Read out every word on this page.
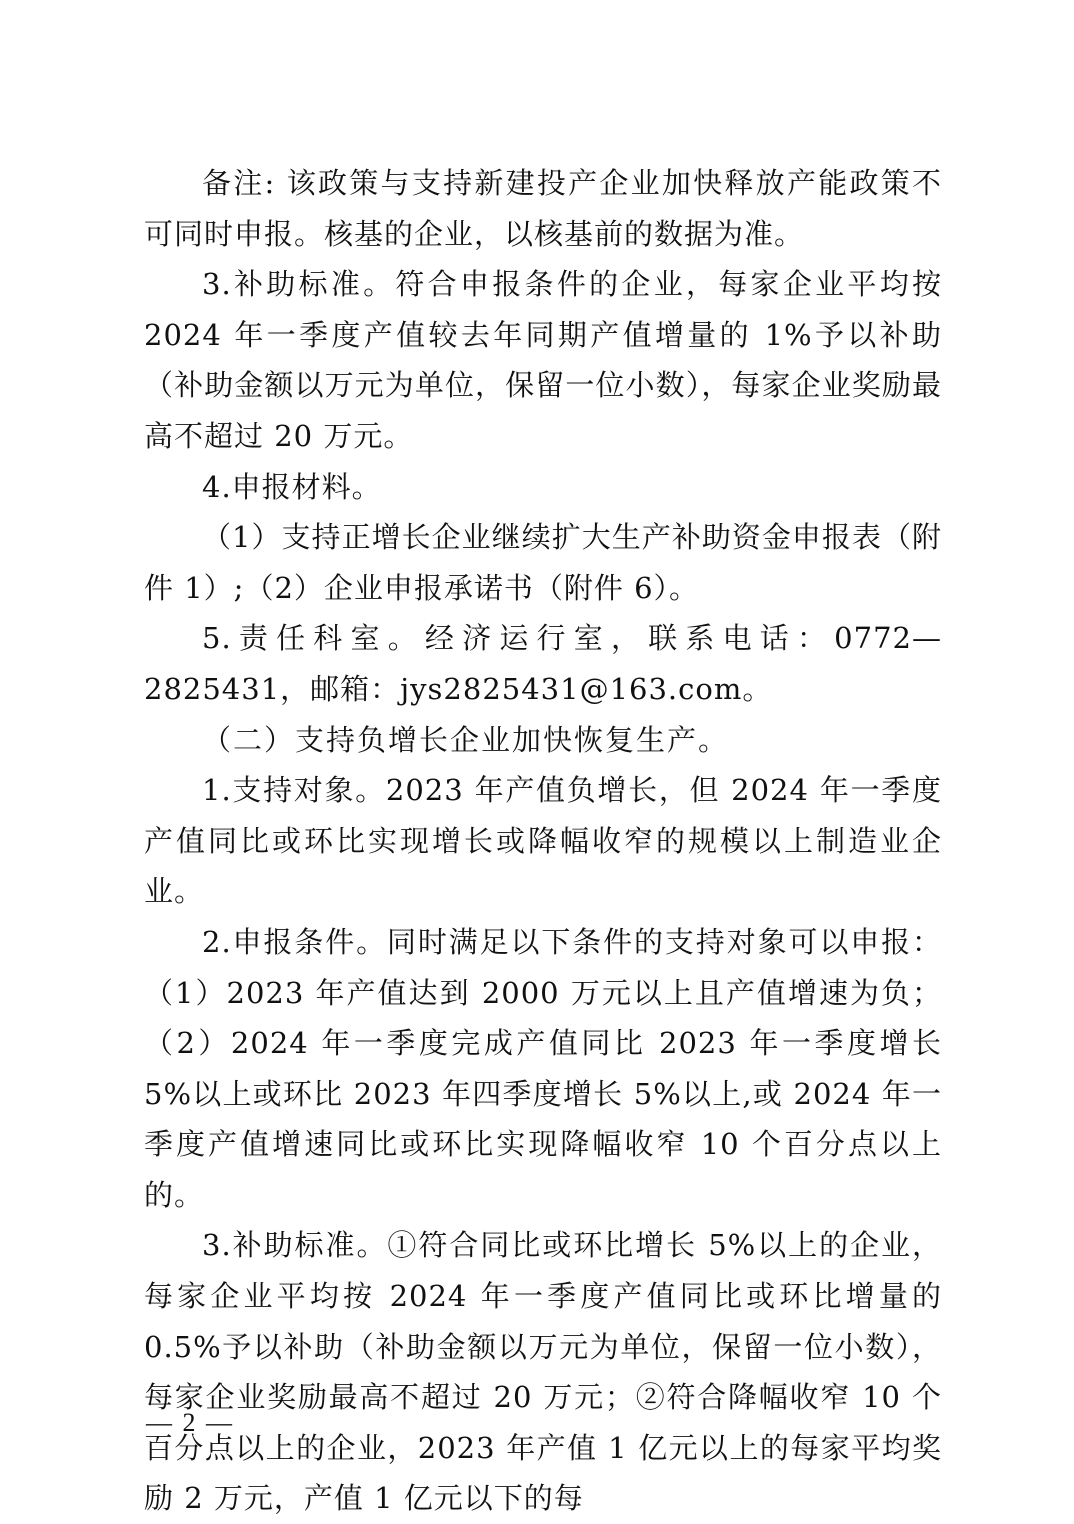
备注: 该政策与支持新建投产企业加快释放产能政策不可同时申报。核基的企业，以核基前的数据为准。

3.补助标准。符合申报条件的企业，每家企业平均按 2024 年一季度产值较去年同期产值增量的 1%予以补助（补助金额以万元为单位，保留一位小数），每家企业奖励最高不超过 20 万元。

4.申报材料。

（1）支持正增长企业继续扩大生产补助资金申报表（附件 1）;（2）企业申报承诺书（附件 6）。

5.责任科室。经济运行室，联系电话：0772—2825431，邮箱：jys2825431@163.com。

（二）支持负增长企业加快恢复生产。

1.支持对象。2023 年产值负增长，但 2024 年一季度产值同比或环比实现增长或降幅收窄的规模以上制造业企业。

2.申报条件。同时满足以下条件的支持对象可以申报：（1）2023 年产值达到 2000 万元以上且产值增速为负；（2）2024 年一季度完成产值同比 2023 年一季度增长 5%以上或环比 2023 年四季度增长 5%以上,或 2024 年一季度产值增速同比或环比实现降幅收窄 10 个百分点以上的。

3.补助标准。①符合同比或环比增长 5%以上的企业，每家企业平均按 2024 年一季度产值同比或环比增量的 0.5%予以补助（补助金额以万元为单位，保留一位小数），每家企业奖励最高不超过 20 万元；②符合降幅收窄 10 个百分点以上的企业，2023 年产值 1 亿元以上的每家平均奖励 2 万元，产值 1 亿元以下的每

— 2 —
